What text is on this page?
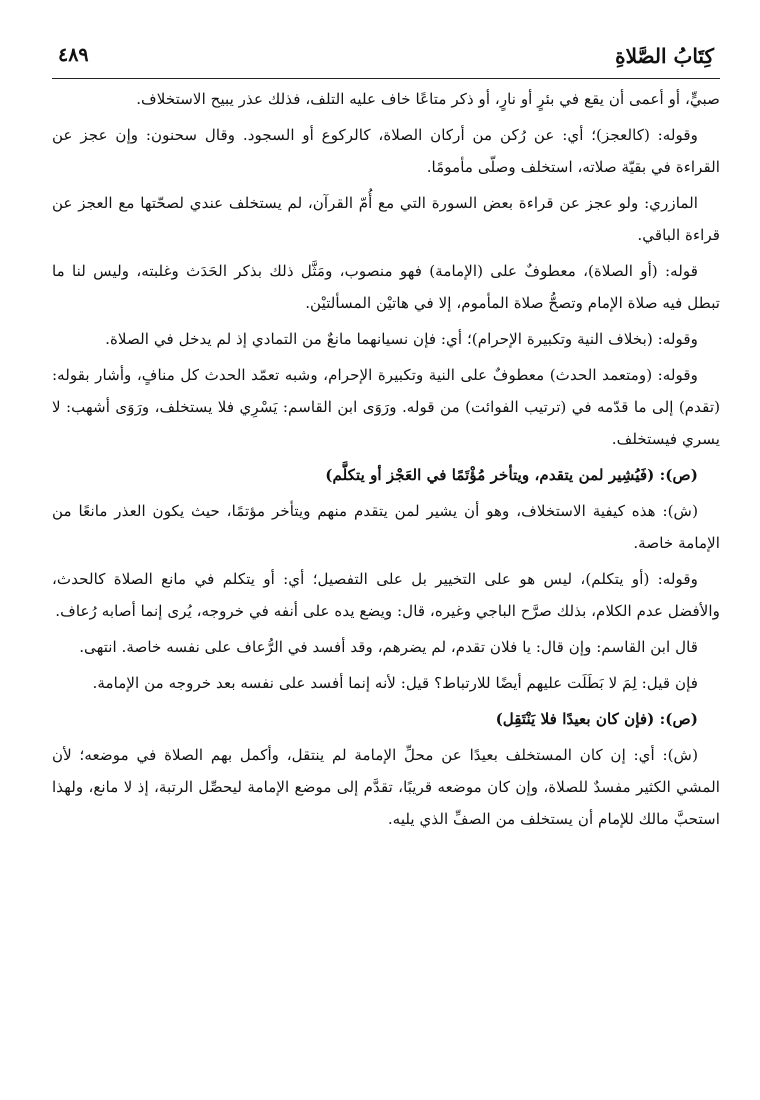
كِتَابُ الصَّلاةِ
٤٨٩

صبيٍّ، أو أعمى أن يقع في بئرٍ أو نارٍ، أو ذكر متاعًا خاف عليه التلف، فذلك عذر يبيح الاستخلاف.

وقوله: (كالعجز)؛ أي: عن رُكن من أركان الصلاة، كالركوع أو السجود. وقال سحنون: وإن عجز عن القراءة في بقيّة صلاته، استخلف وصلّى مأمومًا.

المازري: ولو عجز عن قراءة بعض السورة التي مع أُمّ القرآن، لم يستخلف عندي لصحّتها مع العجز عن قراءة الباقي.

قوله: (أو الصلاة)، معطوفٌ على (الإمامة) فهو منصوب، ومَثَّل ذلك بذكر الحَدَث وغلبته، وليس لنا ما تبطل فيه صلاة الإمام وتصحُّ صلاة المأموم، إلا في هاتيْن المسألتيْن.

وقوله: (بخلاف النية وتكبيرة الإحرام)؛ أي: فإن نسيانهما مانعٌ من التمادي إذ لم يدخل في الصلاة.

وقوله: (ومتعمد الحدث) معطوفٌ على النية وتكبيرة الإحرام، وشبه تعمّد الحدث كل منافٍ، وأشار بقوله: (تقدم) إلى ما قدّمه في (ترتيب الفوائت) من قوله. ورَوَى ابن القاسم: يَسْرِي فلا يستخلف، ورَوَى أشهب: لا يسري فيستخلف.

(ص): (فَيُشِير لمن يتقدم، ويتأخر مُؤْتَمًا في العَجْز أو يتكلَّم)

(ش): هذه كيفية الاستخلاف، وهو أن يشير لمن يتقدم منهم ويتأخر مؤتمًا، حيث يكون العذر مانعًا من الإمامة خاصة.

وقوله: (أو يتكلم)، ليس هو على التخيير بل على التفصيل؛ أي: أو يتكلم في مانع الصلاة كالحدث، والأفضل عدم الكلام، بذلك صرَّح الباجي وغيره، قال: ويضع يده على أنفه في خروجه، يُرى إنما أصابه رُعاف.

قال ابن القاسم: وإن قال: يا فلان تقدم، لم يضرهم، وقد أفسد في الرُّعاف على نفسه خاصة. انتهى.

فإن قيل: لِمَ لا بَطَلَت عليهم أيضًا للارتباط؟ قيل: لأنه إنما أفسد على نفسه بعد خروجه من الإمامة.

(ص): (فإن كان بعيدًا فلا يَنْتَقِل)

(ش): أي: إن كان المستخلف بعيدًا عن محلِّ الإمامة لم ينتقل، وأكمل بهم الصلاة في موضعه؛ لأن المشي الكثير مفسدٌ للصلاة، وإن كان موضعه قريبًا، تقدَّم إلى موضع الإمامة ليحصِّل الرتبة، إذ لا مانع، ولهذا استحبَّ مالك للإمام أن يستخلف من الصفِّ الذي يليه.
